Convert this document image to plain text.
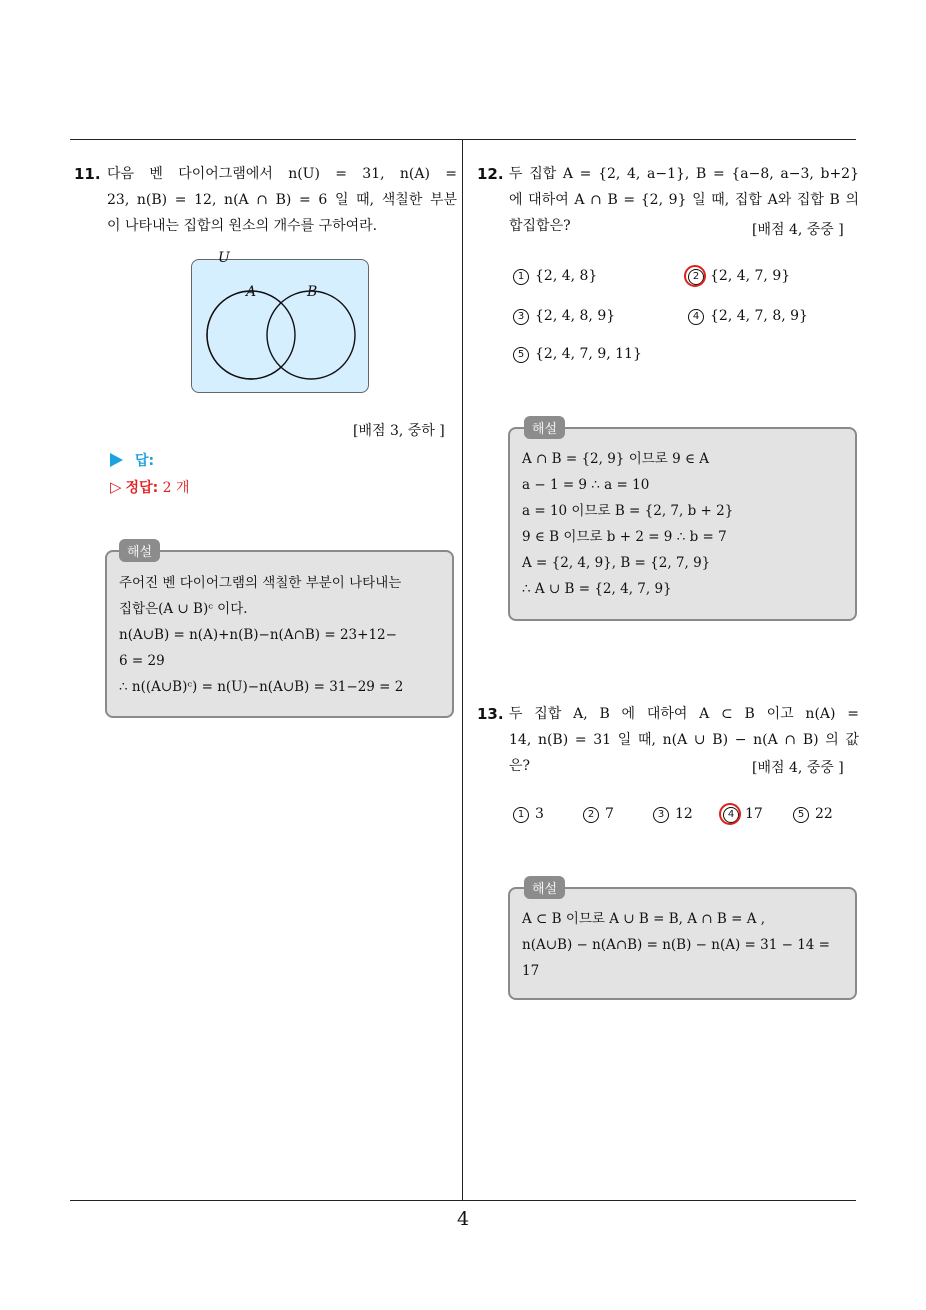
4
11. 다음 벤 다이어그램에서 n(U) = 31, n(A) =
23, n(B) = 12, n(A ∩ B) = 6 일 때, 색칠한 부분
이 나타내는 집합의 원소의 개수를 구하여라.
U
A	B
[배점 3, 중하 ]
답:
▷ 정답: 2 개
해설
주어진 벤 다이어그램의 색칠한 부분이 나타내는
집합은(A ∪ B)ᶜ 이다.
n(A∪B) = n(A)+n(B)−n(A∩B) = 23+12−
6 = 29
∴ n((A∪B)ᶜ) = n(U)−n(A∪B) = 31−29 = 2
12. 두 집합 A = {2, 4, a−1}, B = {a−8, a−3, b+2}
에 대하여 A ∩ B = {2, 9} 일 때, 집합 A와 집합 B 의
합집합은?	[배점 4, 중중 ]
1 {2, 4, 8}	2 {2, 4, 7, 9}
3 {2, 4, 8, 9}	4 {2, 4, 7, 8, 9}
5 {2, 4, 7, 9, 11}
해설
A ∩ B = {2, 9} 이므로 9 ∈ A
a − 1 = 9 ∴ a = 10
a = 10 이므로 B = {2, 7, b + 2}
9 ∈ B 이므로 b + 2 = 9 ∴ b = 7
A = {2, 4, 9}, B = {2, 7, 9}
∴ A ∪ B = {2, 4, 7, 9}
13. 두 집합 A, B 에 대하여 A ⊂ B 이고 n(A) =
14, n(B) = 31 일 때, n(A ∪ B) − n(A ∩ B) 의 값
은?	[배점 4, 중중 ]
1 3	2 7	3 12	4 17	5 22
해설
A ⊂ B 이므로 A ∪ B = B, A ∩ B = A ,
n(A∪B) − n(A∩B) = n(B) − n(A) = 31 − 14 =
17
